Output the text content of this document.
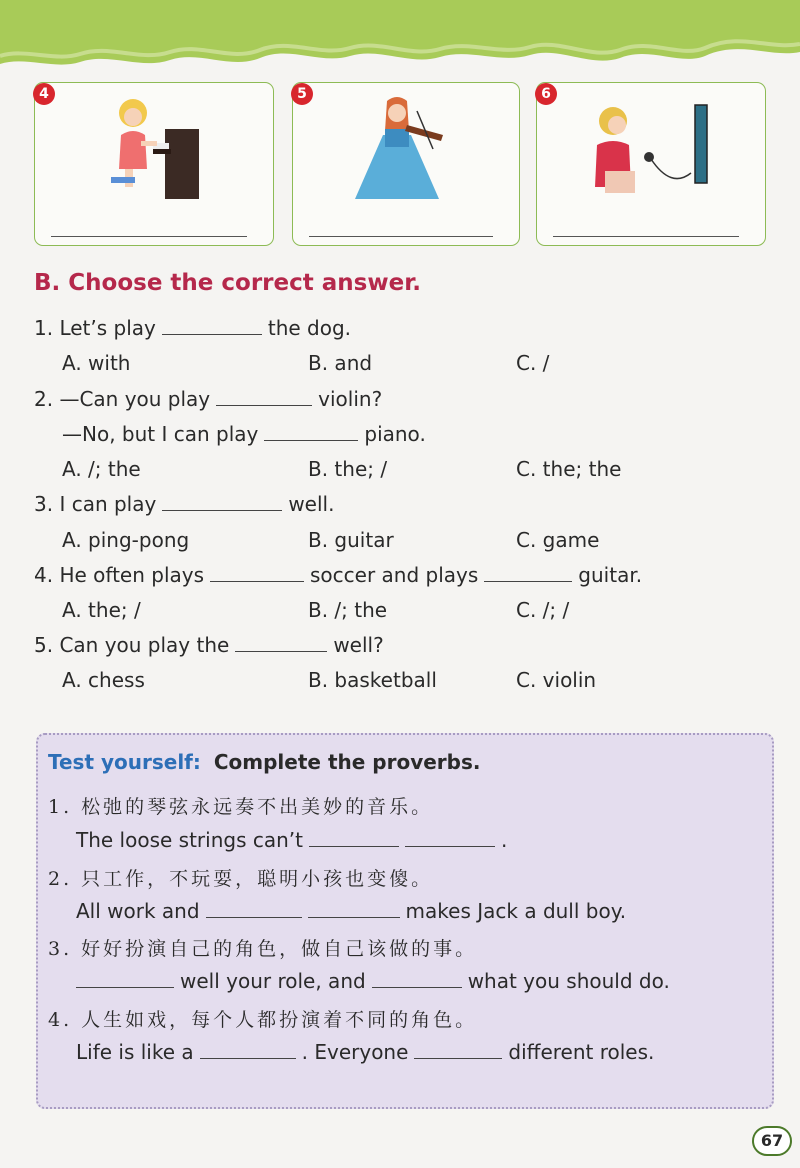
4	5	6
B. Choose the correct answer.
1. Let’s play	the dog.
A. with	B. and	C. /
2. —Can you play	violin?
—No, but I can play	piano.
A. /; the	B. the; /	C. the; the
3. I can play	well.
A. ping-pong	B. guitar	C. game
4. He often plays	soccer and plays	guitar.
A. the; /	B. /; the	C. /; /
5. Can you play the	well?
A. chess	B. basketball	C. violin
Test yourself: Complete the proverbs.
1. 松弛的琴弦永远奏不出美妙的音乐。
The loose strings can’t	.
2. 只工作，不玩耍，聪明小孩也变傻。
All work and	makes Jack a dull boy.
3. 好好扮演自己的角色，做自己该做的事。
well your role, and	what you should do.
4. 人生如戏，每个人都扮演着不同的角色。
Life is like a	. Everyone	different roles.
67
